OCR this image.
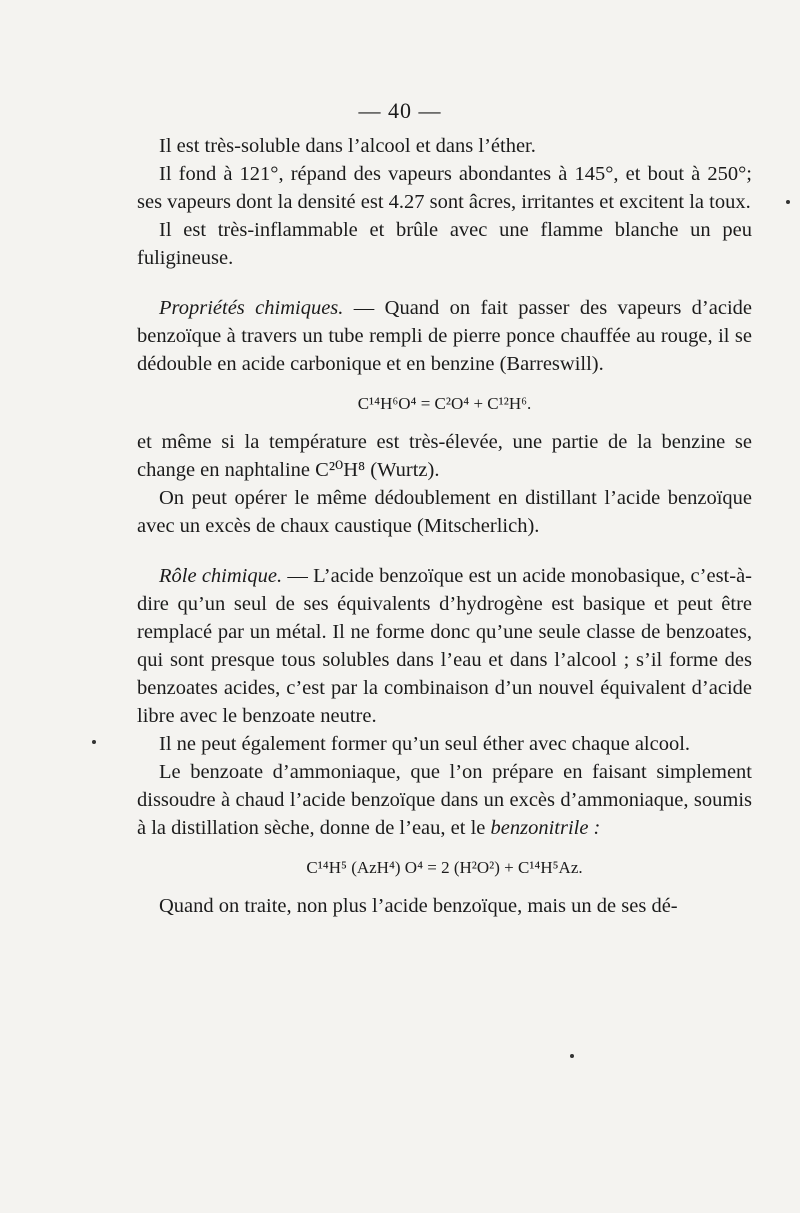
— 40 —

Il est très-soluble dans l’alcool et dans l’éther.

Il fond à 121°, répand des vapeurs abondantes à 145°, et bout à 250°; ses vapeurs dont la densité est 4.27 sont âcres, irritantes et excitent la toux.

Il est très-inflammable et brûle avec une flamme blanche un peu fuligineuse.

Propriétés chimiques. — Quand on fait passer des vapeurs d’acide benzoïque à travers un tube rempli de pierre ponce chauffée au rouge, il se dédouble en acide carbonique et en benzine (Barreswill).

C¹⁴H⁶O⁴ = C²O⁴ + C¹²H⁶.

et même si la température est très-élevée, une partie de la benzine se change en naphtaline C²⁰H⁸ (Wurtz).

On peut opérer le même dédoublement en distillant l’acide benzoïque avec un excès de chaux caustique (Mitscherlich).

Rôle chimique. — L’acide benzoïque est un acide monobasique, c’est-à-dire qu’un seul de ses équivalents d’hydrogène est basique et peut être remplacé par un métal. Il ne forme donc qu’une seule classe de benzoates, qui sont presque tous solubles dans l’eau et dans l’alcool ; s’il forme des benzoates acides, c’est par la combinaison d’un nouvel équivalent d’acide libre avec le benzoate neutre.

Il ne peut également former qu’un seul éther avec chaque alcool.

Le benzoate d’ammoniaque, que l’on prépare en faisant simplement dissoudre à chaud l’acide benzoïque dans un excès d’ammoniaque, soumis à la distillation sèche, donne de l’eau, et le benzonitrile :

C¹⁴H⁵ (AzH⁴) O⁴ = 2 (H²O²) + C¹⁴H⁵Az.

Quand on traite, non plus l’acide benzoïque, mais un de ses dé-
